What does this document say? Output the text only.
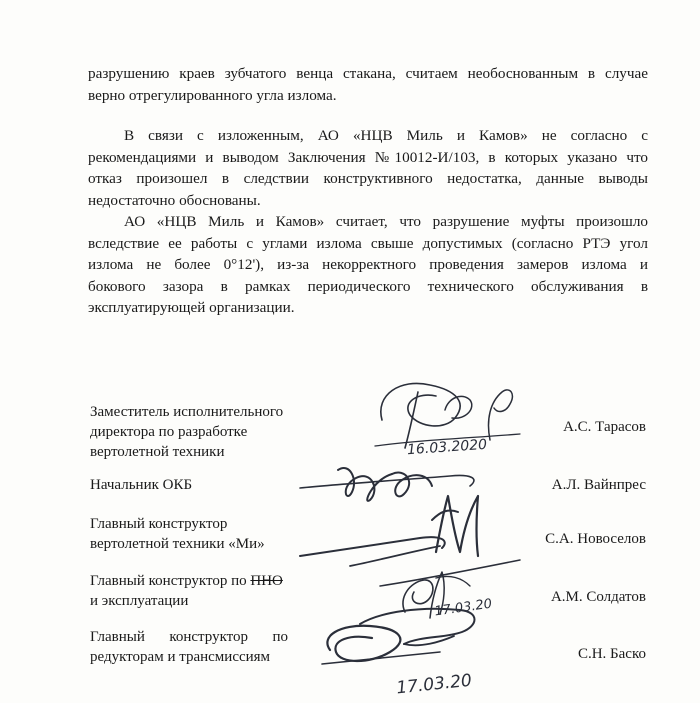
разрушению краев зубчатого венца стакана, считаем необоснованным в случае
верно отрегулированного угла излома.

В связи с изложенным, АО «НЦВ Миль и Камов» не согласно с
рекомендациями и выводом Заключения №10012-И/103, в которых указано что
отказ произошел в следствии конструктивного недостатка, данные выводы
недостаточно обоснованы.

АО «НЦВ Миль и Камов» считает, что разрушение муфты произошло
вследствие ее работы с углами излома свыше допустимых (согласно РТЭ угол
излома не более 0°12'), из-за некорректного проведения замеров излома и
бокового зазора в рамках периодического технического обслуживания в
эксплуатирующей организации.

Заместитель исполнительного
директора по разработке
вертолетной техники
А.С. Тарасов
Начальник ОКБ	А.Л. Вайнпрес
Главный конструктор
вертолетной техники «Ми»	С.А. Новоселов
Главный конструктор по ПНО
и эксплуатации	А.М. Солдатов
Главный конструктор по
редукторам и трансмиссиям	С.Н. Баско
16.03.2020
17.03.20
17.03.20
